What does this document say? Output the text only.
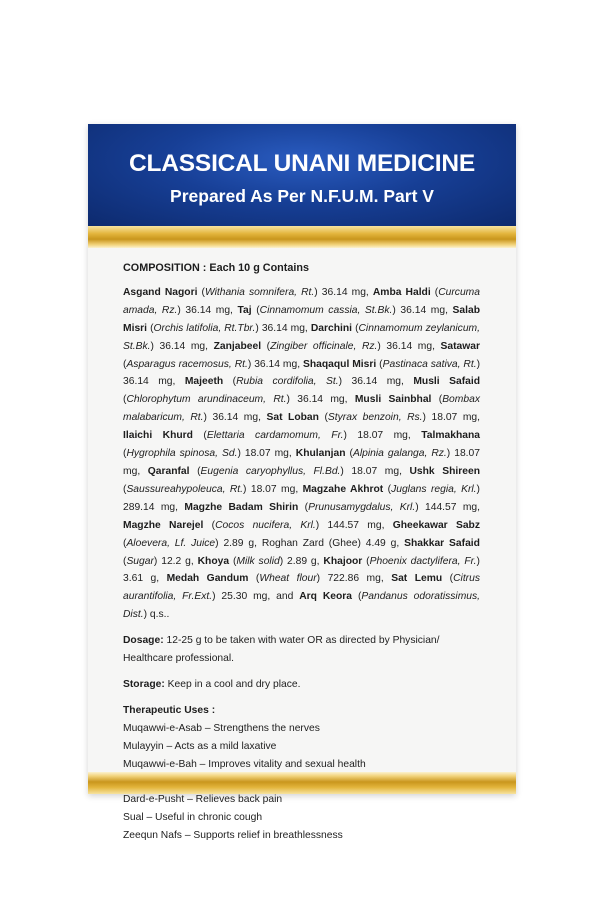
CLASSICAL UNANI MEDICINE
Prepared As Per N.F.U.M. Part V
COMPOSITION : Each 10 g Contains
Asgand Nagori (Withania somnifera, Rt.) 36.14 mg, Amba Haldi (Curcuma amada, Rz.) 36.14 mg, Taj (Cinnamomum cassia, St.Bk.) 36.14 mg, Salab Misri (Orchis latifolia, Rt.Tbr.) 36.14 mg, Darchini (Cinnamomum zeylanicum, St.Bk.) 36.14 mg, Zanjabeel (Zingiber officinale, Rz.) 36.14 mg, Satawar (Asparagus racemosus, Rt.) 36.14 mg, Shaqaqul Misri (Pastinaca sativa, Rt.) 36.14 mg, Majeeth (Rubia cordifolia, St.) 36.14 mg, Musli Safaid (Chlorophytum arundinaceum, Rt.) 36.14 mg, Musli Sainbhal (Bombax malabaricum, Rt.) 36.14 mg, Sat Loban (Styrax benzoin, Rs.) 18.07 mg, Ilaichi Khurd (Elettaria cardamomum, Fr.) 18.07 mg, Talmakhana (Hygrophila spinosa, Sd.) 18.07 mg, Khulanjan (Alpinia galanga, Rz.) 18.07 mg, Qaranfal (Eugenia caryophyllus, Fl.Bd.) 18.07 mg, Ushk Shireen (Saussureahypoleuca, Rt.) 18.07 mg, Magzahe Akhrot (Juglans regia, Krl.) 289.14 mg, Magzhe Badam Shirin (Prunusamygdalus, Krl.) 144.57 mg, Magzhe Narejel (Cocos nucifera, Krl.) 144.57 mg, Gheekawar Sabz (Aloevera, Lf. Juice) 2.89 g, Roghan Zard (Ghee) 4.49 g, Shakkar Safaid (Sugar) 12.2 g, Khoya (Milk solid) 2.89 g, Khajoor (Phoenix dactylifera, Fr.) 3.61 g, Medah Gandum (Wheat flour) 722.86 mg, Sat Lemu (Citrus aurantifolia, Fr.Ext.) 25.30 mg, and Arq Keora (Pandanus odoratissimus, Dist.) q.s..
Dosage: 12-25 g to be taken with water OR as directed by Physician/ Healthcare professional.
Storage: Keep in a cool and dry place.
Therapeutic Uses :
Muqawwi-e-Asab – Strengthens the nerves
Mulayyin – Acts as a mild laxative
Muqawwi-e-Bah – Improves vitality and sexual health
Dard-e-Pusht – Relieves back pain
Sual – Useful in chronic cough
Zeequn Nafs – Supports relief in breathlessness
